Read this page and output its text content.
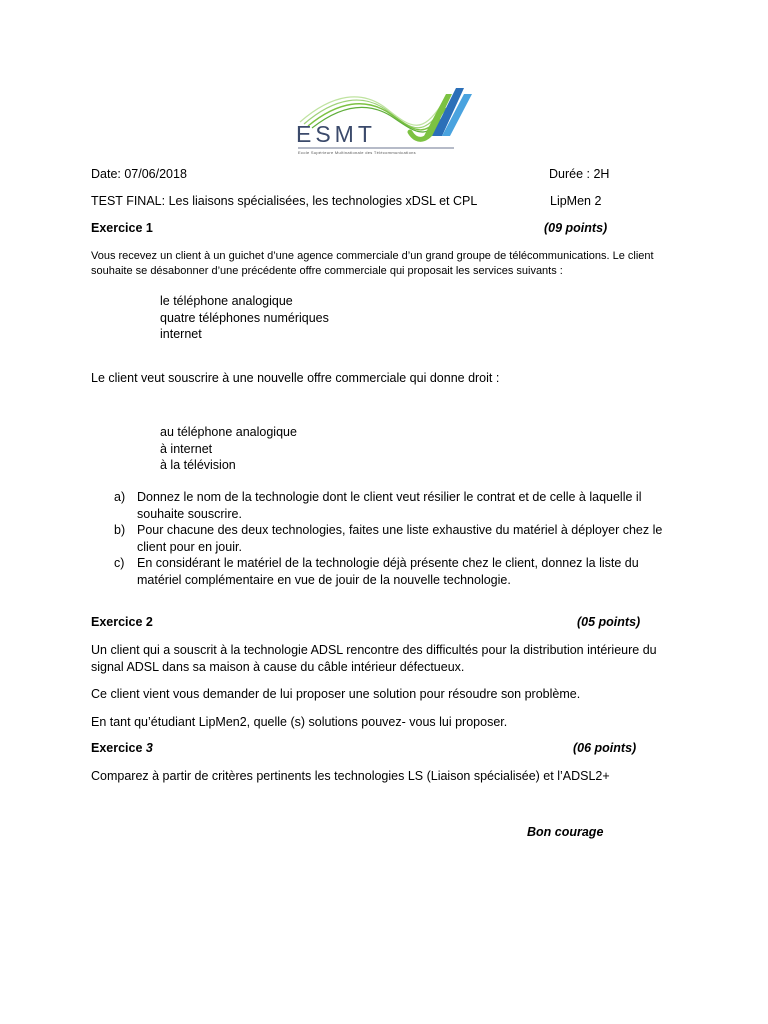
ESMT
Ecole Supérieure Multinationale des Télécommunications
Date: 07/06/2018	Durée : 2H
TEST FINAL: Les liaisons spécialisées, les technologies xDSL et CPL	LipMen 2
Exercice 1	(09 points)
Vous recevez un client à un guichet d’une agence commerciale d’un grand groupe de télécommunications. Le client souhaite se désabonner d’une précédente offre commerciale qui proposait les services suivants :
le téléphone analogique
quatre téléphones numériques
internet
Le client veut souscrire à une nouvelle offre commerciale qui donne droit :
au téléphone analogique
à internet
à la télévision
a) Donnez le nom de la technologie dont le client veut résilier le contrat et de celle à laquelle il souhaite souscrire.
b) Pour chacune des deux technologies, faites une liste exhaustive du matériel à déployer chez le client pour en jouir.
c)	En considérant le matériel de la technologie déjà présente chez le client, donnez la liste du matériel complémentaire en vue de jouir de la nouvelle technologie.
Exercice 2	(05 points)
Un client qui a souscrit à la technologie ADSL rencontre des difficultés pour la distribution intérieure du signal ADSL dans sa maison à cause du câble intérieur défectueux.
Ce client vient vous demander de lui proposer une solution pour résoudre son problème.
En tant qu’étudiant LipMen2, quelle (s) solutions pouvez- vous lui proposer.
Exercice 3	(06 points)
Comparez à partir de critères pertinents les technologies LS (Liaison spécialisée) et l’ADSL2+
Bon courage
